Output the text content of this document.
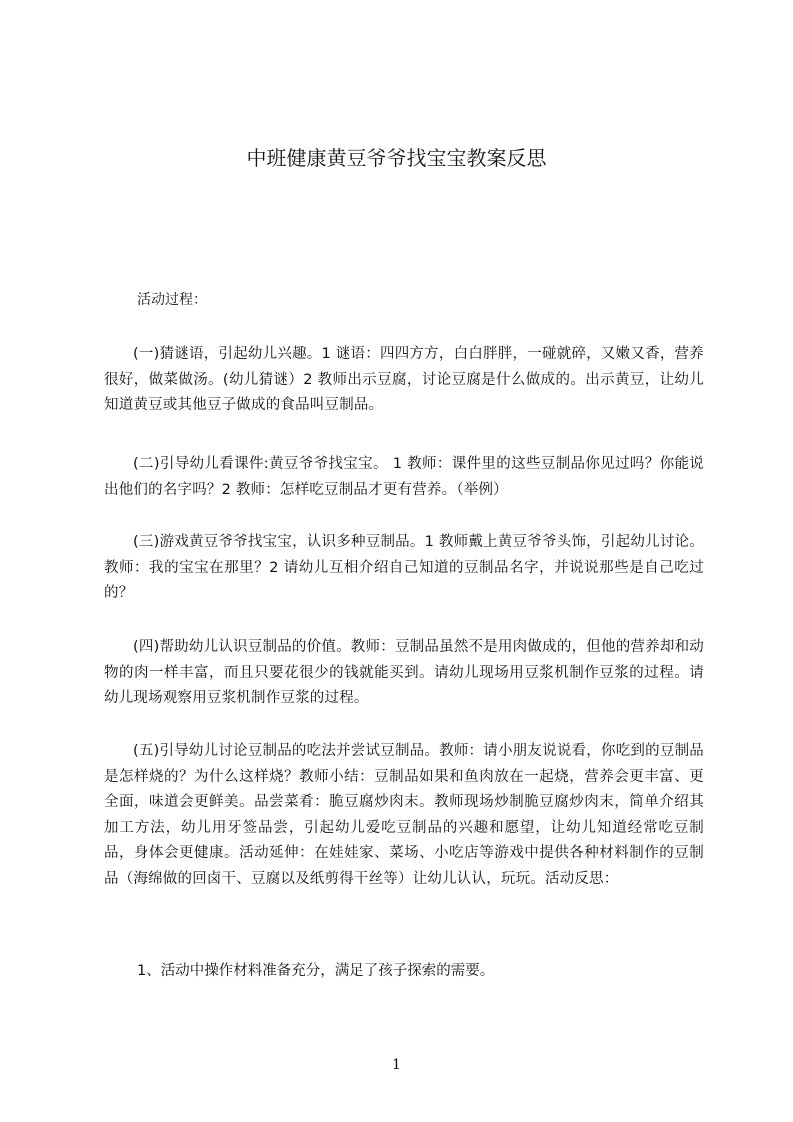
中班健康黄豆爷爷找宝宝教案反思
活动过程：
(一)猜谜语，引起幼儿兴趣。1 谜语：四四方方，白白胖胖，一碰就碎，又嫩又香，营养很好，做菜做汤。(幼儿猜谜）2 教师出示豆腐，讨论豆腐是什么做成的。出示黄豆，让幼儿知道黄豆或其他豆子做成的食品叫豆制品。
(二)引导幼儿看课件:黄豆爷爷找宝宝。 1 教师：课件里的这些豆制品你见过吗？你能说出他们的名字吗？2 教师：怎样吃豆制品才更有营养。（举例）
(三)游戏黄豆爷爷找宝宝，认识多种豆制品。1 教师戴上黄豆爷爷头饰，引起幼儿讨论。教师：我的宝宝在那里？2 请幼儿互相介绍自己知道的豆制品名字，并说说那些是自己吃过的？
(四)帮助幼儿认识豆制品的价值。教师：豆制品虽然不是用肉做成的，但他的营养却和动物的肉一样丰富，而且只要花很少的钱就能买到。请幼儿现场用豆浆机制作豆浆的过程。请幼儿现场观察用豆浆机制作豆浆的过程。
(五)引导幼儿讨论豆制品的吃法并尝试豆制品。教师：请小朋友说说看，你吃到的豆制品是怎样烧的？为什么这样烧？教师小结：豆制品如果和鱼肉放在一起烧，营养会更丰富、更全面，味道会更鲜美。品尝菜肴：脆豆腐炒肉末。教师现场炒制脆豆腐炒肉末，简单介绍其加工方法，幼儿用牙签品尝，引起幼儿爱吃豆制品的兴趣和愿望，让幼儿知道经常吃豆制品，身体会更健康。活动延伸：在娃娃家、菜场、小吃店等游戏中提供各种材料制作的豆制品（海绵做的回卤干、豆腐以及纸剪得干丝等）让幼儿认认，玩玩。活动反思：
1、活动中操作材料准备充分，满足了孩子探索的需要。
1
